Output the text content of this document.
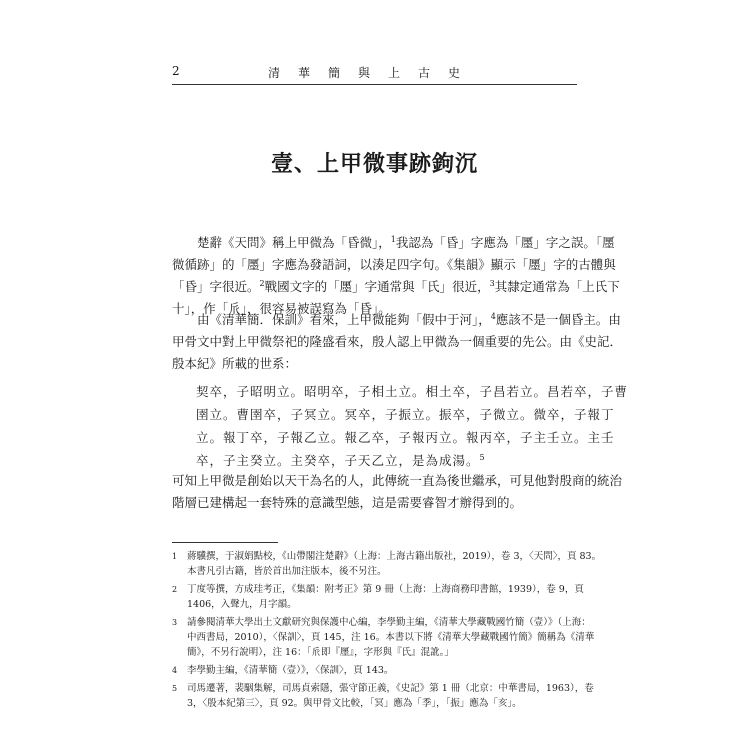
2	清華簡與上古史
壹、上甲微事跡鉤沉

楚辭《天問》稱上甲微為「昏微」，$^1$我認為「昏」字應為「㕓」字之誤。「㕓
微循跡」的「㕓」字應為發語詞，以湊足四字句。《集韻》顯示「㕓」字的古體與
「昏」字很近。$^2$戰國文字的「㕓」字通常與「氏」很近，$^3$其隸定通常為「上氏下
十」，作「𠂢」，很容易被誤寫為「昏」。

由《清華簡．保訓》看來，上甲微能夠「假中于河」，$^4$應該不是一個昏主。由
甲骨文中對上甲微祭祀的隆盛看來，殷人認上甲微為一個重要的先公。由《史記．
殷本紀》所載的世系：

契卒，子昭明立。昭明卒，子相土立。相土卒，子昌若立。昌若卒，子曹
圉立。曹圉卒，子冥立。冥卒，子振立。振卒，子微立。微卒，子報丁
立。報丁卒，子報乙立。報乙卒，子報丙立。報丙卒，子主壬立。主壬
卒，子主癸立。主癸卒，子天乙立，是為成湯。$^5$

可知上甲微是創始以天干為名的人，此傳統一直為後世繼承，可見他對殷商的統治
階層已建構起一套特殊的意識型態，這是需要睿智才辦得到的。

1 蔣驥撰，于淑娟點校，《山帶閣注楚辭》（上海：上海古籍出版社，2019），卷 3，〈天問〉，頁 83。
本書凡引古籍，皆於首出加注版本，後不另注。
2 丁度等撰，方成珪考正，《集韻：附考正》第 9 冊（上海：上海商務印書館，1939），卷 9，頁
1406，入聲九，月字韻。
3 請參閱清華大學出土文獻研究與保護中心編，李學勤主編，《清華大學藏戰國竹簡（壹）》（上海：
中西書局，2010），〈保訓〉，頁 145，注 16。本書以下將《清華大學藏戰國竹簡》簡稱為《清華
簡》，不另行說明），注 16：「𠂢即『㕓』，字形與『氏』混訛。」
4 李學勤主編，《清華簡（壹）》，〈保訓〉，頁 143。
5 司馬遷著，裴駰集解，司馬貞索隱，張守節正義，《史記》第 1 冊（北京：中華書局，1963），卷
3，〈殷本紀第三〉，頁 92。與甲骨文比較，「冥」應為「季」，「振」應為「亥」。
